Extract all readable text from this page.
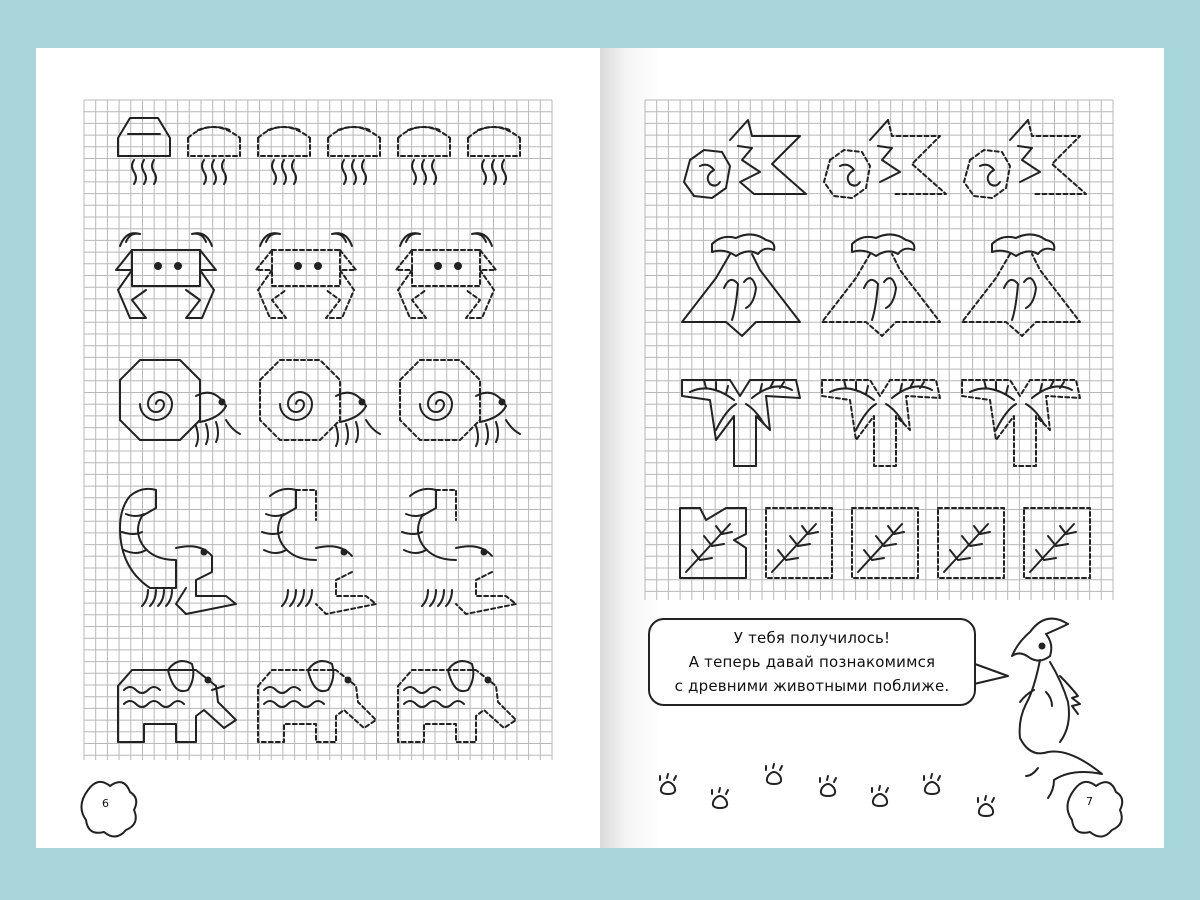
У тебя получилось!
А теперь давай познакомимся
с древними животными поближе.
6	7
